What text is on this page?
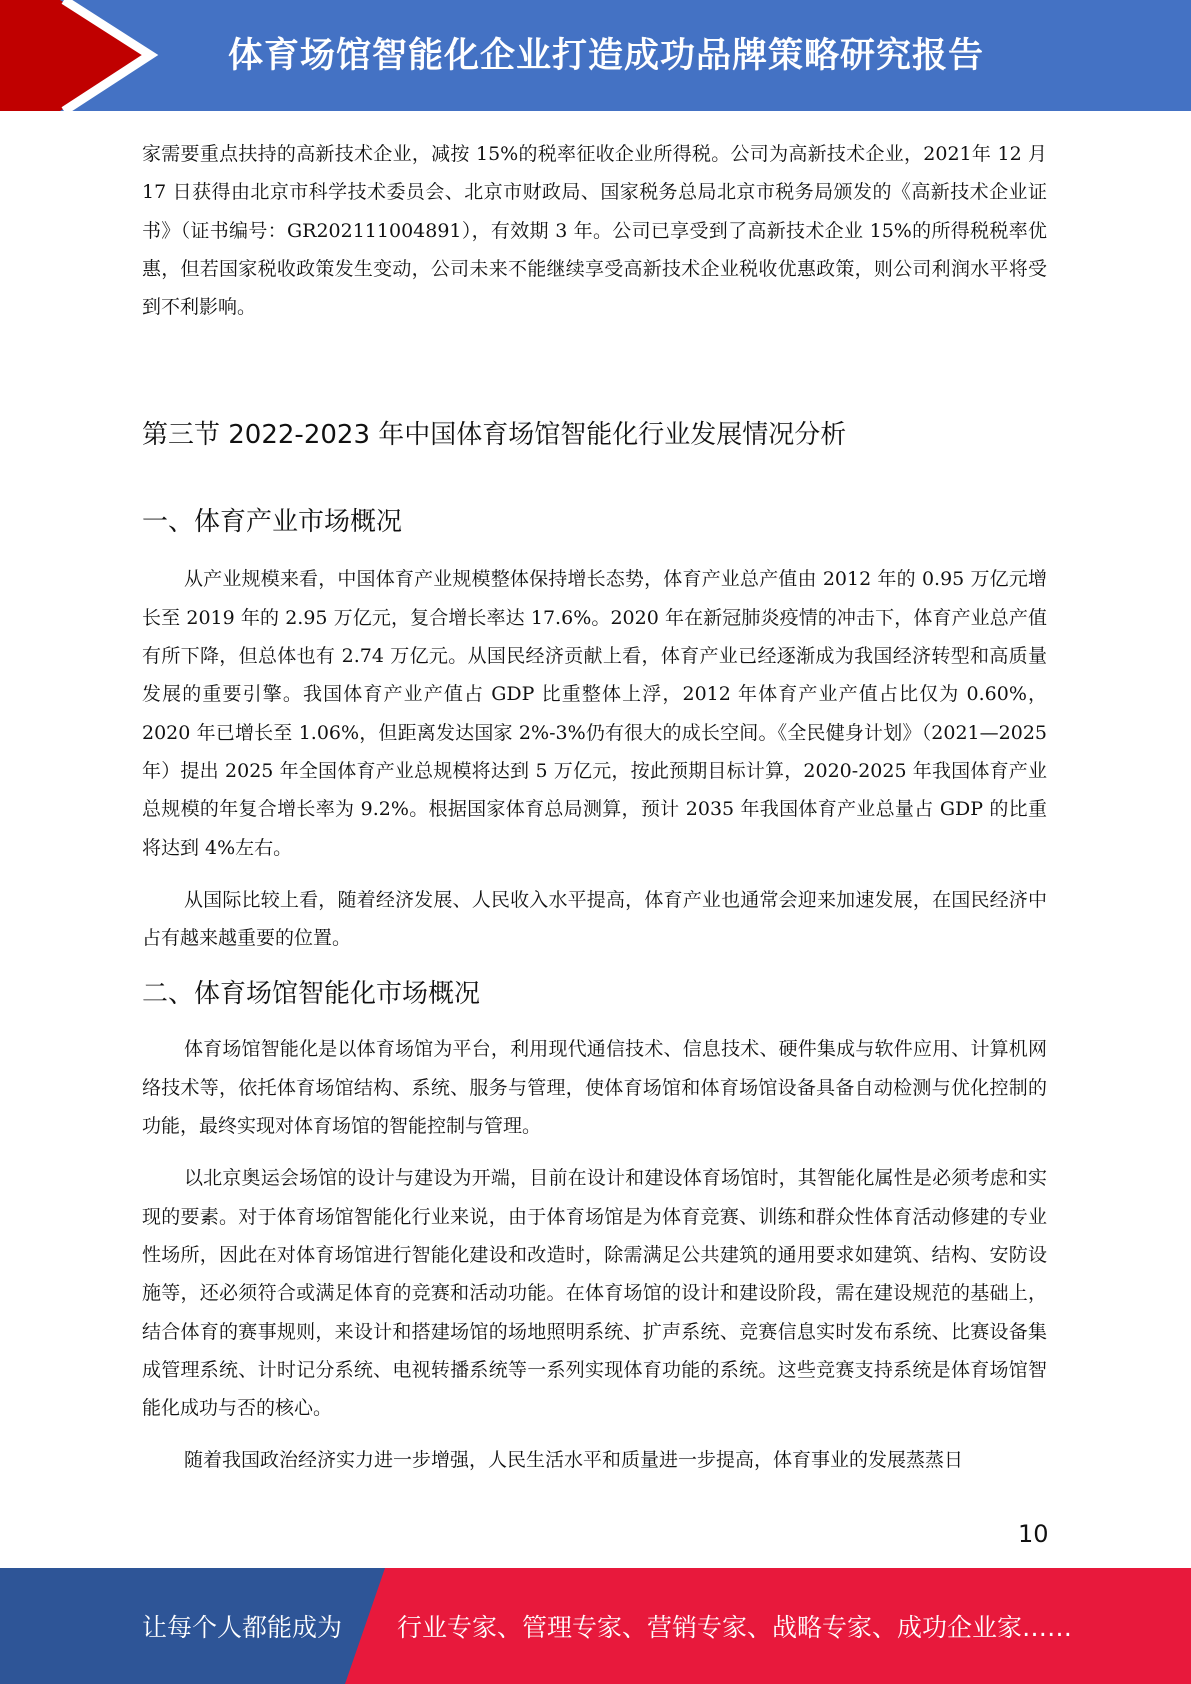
体育场馆智能化企业打造成功品牌策略研究报告

家需要重点扶持的高新技术企业，减按 15%的税率征收企业所得税。公司为高新技术企业，2021年 12 月 17 日获得由北京市科学技术委员会、北京市财政局、国家税务总局北京市税务局颁发的《高新技术企业证书》（证书编号：GR202111004891），有效期 3 年。公司已享受到了高新技术企业 15%的所得税税率优惠，但若国家税收政策发生变动，公司未来不能继续享受高新技术企业税收优惠政策，则公司利润水平将受到不利影响。

第三节 2022-2023 年中国体育场馆智能化行业发展情况分析
一、体育产业市场概况

从产业规模来看，中国体育产业规模整体保持增长态势，体育产业总产值由 2012 年的 0.95 万亿元增长至 2019 年的 2.95 万亿元，复合增长率达 17.6%。2020 年在新冠肺炎疫情的冲击下，体育产业总产值有所下降，但总体也有 2.74 万亿元。从国民经济贡献上看，体育产业已经逐渐成为我国经济转型和高质量发展的重要引擎。我国体育产业产值占 GDP 比重整体上浮，2012 年体育产业产值占比仅为 0.60%，2020 年已增长至 1.06%，但距离发达国家 2%-3%仍有很大的成长空间。《全民健身计划》（2021—2025 年）提出 2025 年全国体育产业总规模将达到 5 万亿元，按此预期目标计算，2020-2025 年我国体育产业总规模的年复合增长率为 9.2%。根据国家体育总局测算，预计 2035 年我国体育产业总量占 GDP 的比重将达到 4%左右。

从国际比较上看，随着经济发展、人民收入水平提高，体育产业也通常会迎来加速发展，在国民经济中占有越来越重要的位置。

二、体育场馆智能化市场概况

体育场馆智能化是以体育场馆为平台，利用现代通信技术、信息技术、硬件集成与软件应用、计算机网络技术等，依托体育场馆结构、系统、服务与管理，使体育场馆和体育场馆设备具备自动检测与优化控制的功能，最终实现对体育场馆的智能控制与管理。

以北京奥运会场馆的设计与建设为开端，目前在设计和建设体育场馆时，其智能化属性是必须考虑和实现的要素。对于体育场馆智能化行业来说，由于体育场馆是为体育竞赛、训练和群众性体育活动修建的专业性场所，因此在对体育场馆进行智能化建设和改造时，除需满足公共建筑的通用要求如建筑、结构、安防设施等，还必须符合或满足体育的竞赛和活动功能。在体育场馆的设计和建设阶段，需在建设规范的基础上，结合体育的赛事规则，来设计和搭建场馆的场地照明系统、扩声系统、竞赛信息实时发布系统、比赛设备集成管理系统、计时记分系统、电视转播系统等一系列实现体育功能的系统。这些竞赛支持系统是体育场馆智能化成功与否的核心。

随着我国政治经济实力进一步增强，人民生活水平和质量进一步提高，体育事业的发展蒸蒸日

10
让每个人都能成为 行业专家、管理专家、营销专家、战略专家、成功企业家……
